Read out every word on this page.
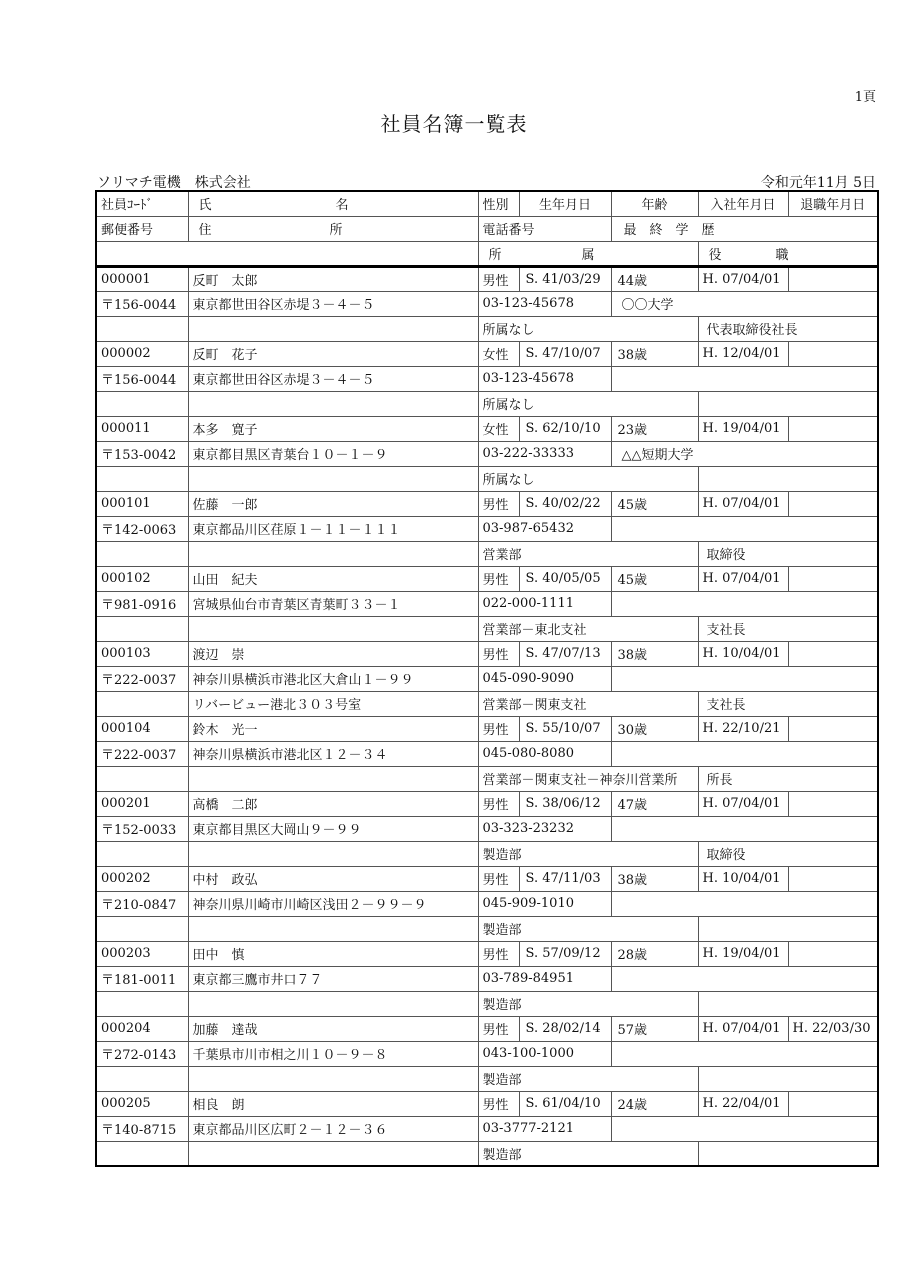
1頁
社員名簿一覧表
ソリマチ電機　株式会社	令和元年11月 5日
社員ｺｰﾄﾞ	氏 名	性別	生年月日	年齢	入社年月日	退職年月日
郵便番号	住 所	電話番号		最　終　学　歴		
		所 属			役 職	
000001	反町　太郎	男性	S. 41/03/29	44歳	H. 07/04/01	
〒156-0044	東京都世田谷区赤堤３－４－５	03-123-45678		〇〇大学		
		所属なし			代表取締役社長	
000002	反町　花子	女性	S. 47/10/07	38歳	H. 12/04/01	
〒156-0044	東京都世田谷区赤堤３－４－５	03-123-45678				
		所属なし				
000011	本多　寛子	女性	S. 62/10/10	23歳	H. 19/04/01	
〒153-0042	東京都目黒区青葉台１０－１－９	03-222-33333		△△短期大学		
		所属なし				
000101	佐藤　一郎	男性	S. 40/02/22	45歳	H. 07/04/01	
〒142-0063	東京都品川区荏原１－１１－１１１	03-987-65432				
		営業部			取締役	
000102	山田　紀夫	男性	S. 40/05/05	45歳	H. 07/04/01	
〒981-0916	宮城県仙台市青葉区青葉町３３－１	022-000-1111				
		営業部－東北支社			支社長	
000103	渡辺　崇	男性	S. 47/07/13	38歳	H. 10/04/01	
〒222-0037	神奈川県横浜市港北区大倉山１－９９	045-090-9090				
	リバービュー港北３０３号室	営業部－関東支社			支社長	
000104	鈴木　光一	男性	S. 55/10/07	30歳	H. 22/10/21	
〒222-0037	神奈川県横浜市港北区１２－３４	045-080-8080				
		営業部－関東支社－神奈川営業所			所長	
000201	高橋　二郎	男性	S. 38/06/12	47歳	H. 07/04/01	
〒152-0033	東京都目黒区大岡山９－９９	03-323-23232				
		製造部			取締役	
000202	中村　政弘	男性	S. 47/11/03	38歳	H. 10/04/01	
〒210-0847	神奈川県川崎市川崎区浅田２－９９－９	045-909-1010				
		製造部				
000203	田中　慎	男性	S. 57/09/12	28歳	H. 19/04/01	
〒181-0011	東京都三鷹市井口７７	03-789-84951				
		製造部				
000204	加藤　達哉	男性	S. 28/02/14	57歳	H. 07/04/01	H. 22/03/30
〒272-0143	千葉県市川市相之川１０－９－８	043-100-1000				
		製造部				
000205	相良　朗	男性	S. 61/04/10	24歳	H. 22/04/01	
〒140-8715	東京都品川区広町２－１２－３６	03-3777-2121				
		製造部				
